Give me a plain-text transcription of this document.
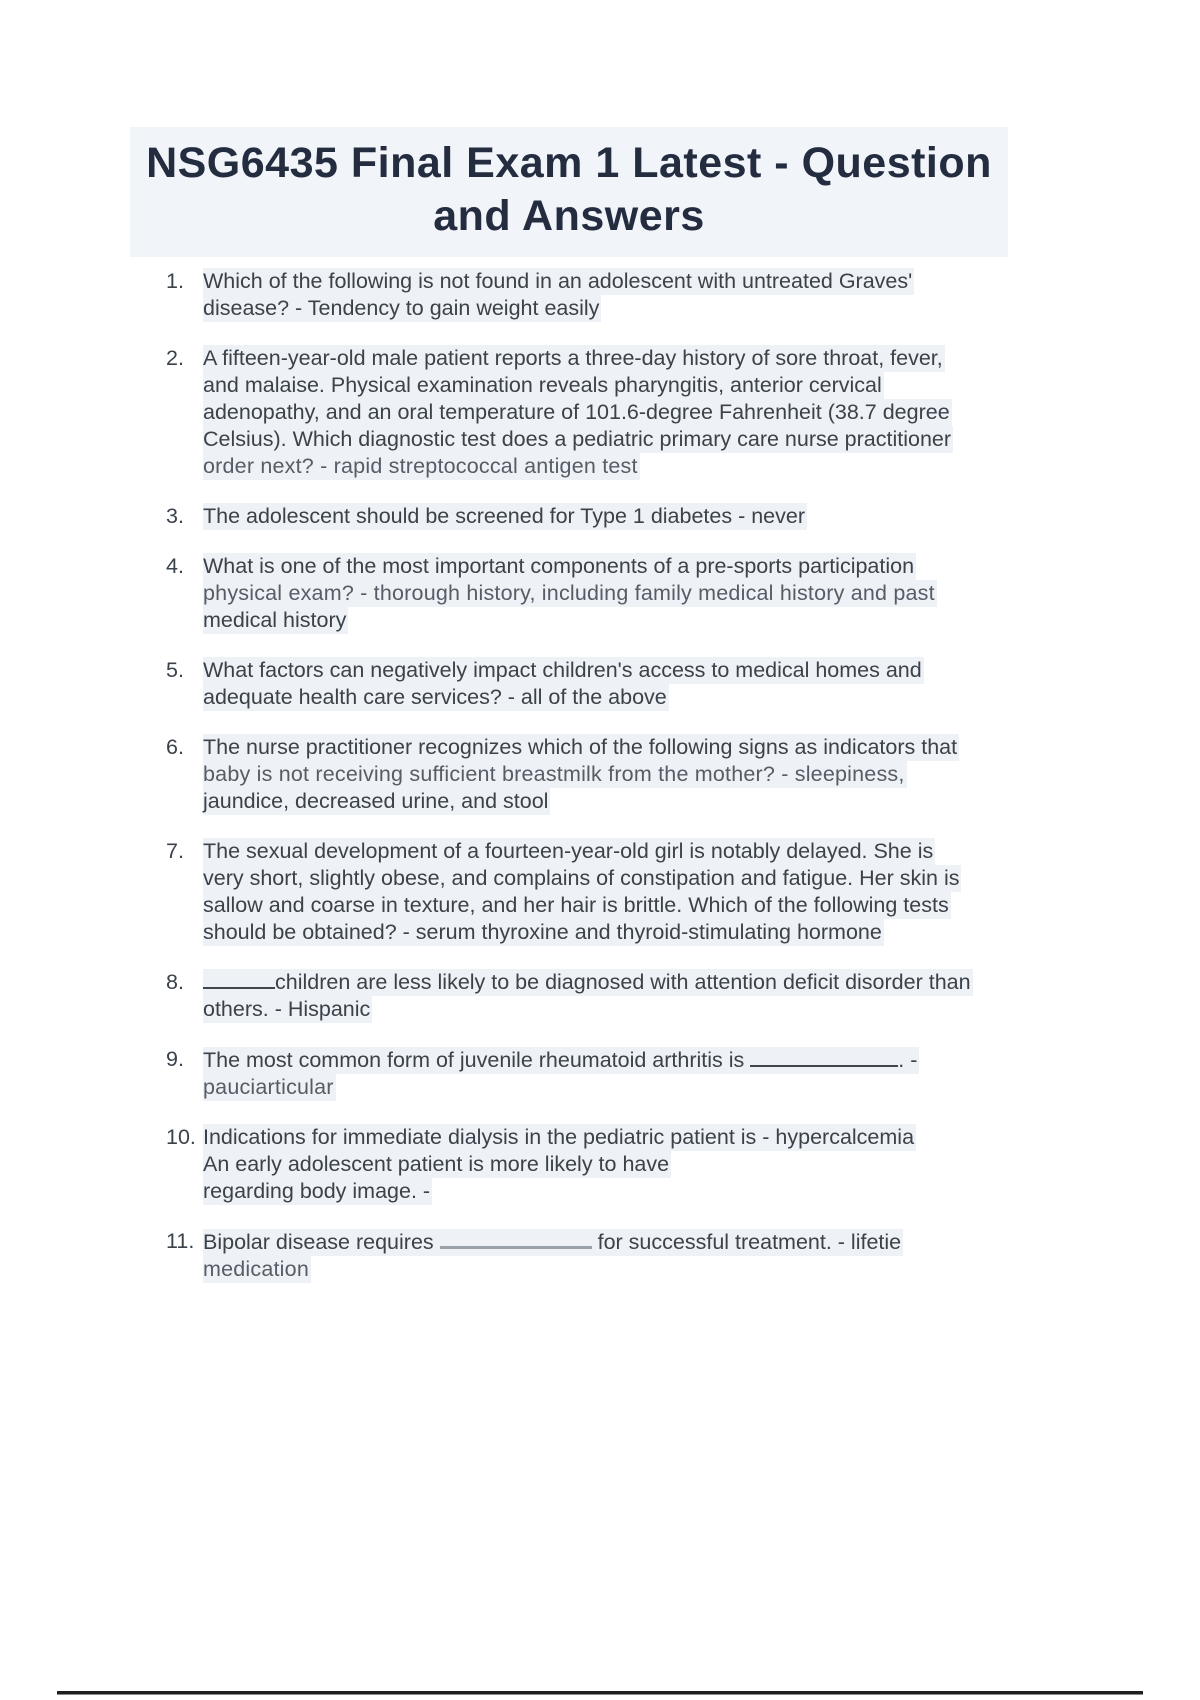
NSG6435 Final Exam 1 Latest - Question
and Answers
1. Which of the following is not found in an adolescent with untreated Graves'
disease? - Tendency to gain weight easily
2. A fifteen-year-old male patient reports a three-day history of sore throat, fever,
and malaise. Physical examination reveals pharyngitis, anterior cervical
adenopathy, and an oral temperature of 101.6-degree Fahrenheit (38.7 degree
Celsius). Which diagnostic test does a pediatric primary care nurse practitioner
order next? - rapid streptococcal antigen test
3. The adolescent should be screened for Type 1 diabetes - never
4. What is one of the most important components of a pre-sports participation
physical exam? - thorough history, including family medical history and past
medical history
5. What factors can negatively impact children's access to medical homes and
adequate health care services? - all of the above
6. The nurse practitioner recognizes which of the following signs as indicators that
baby is not receiving sufficient breastmilk from the mother? - sleepiness,
jaundice, decreased urine, and stool
7. The sexual development of a fourteen-year-old girl is notably delayed. She is
very short, slightly obese, and complains of constipation and fatigue. Her skin is
sallow and coarse in texture, and her hair is brittle. Which of the following tests
should be obtained? - serum thyroxine and thyroid-stimulating hormone
8.	children are less likely to be diagnosed with attention deficit disorder than
others. - Hispanic
9. The most common form of juvenile rheumatoid arthritis is	. -
pauciarticular
10. Indications for immediate dialysis in the pediatric patient is - hypercalcemia
An early adolescent patient is more likely to have
regarding body image. -
11. Bipolar disease requires	for successful treatment. - lifetie
medication
